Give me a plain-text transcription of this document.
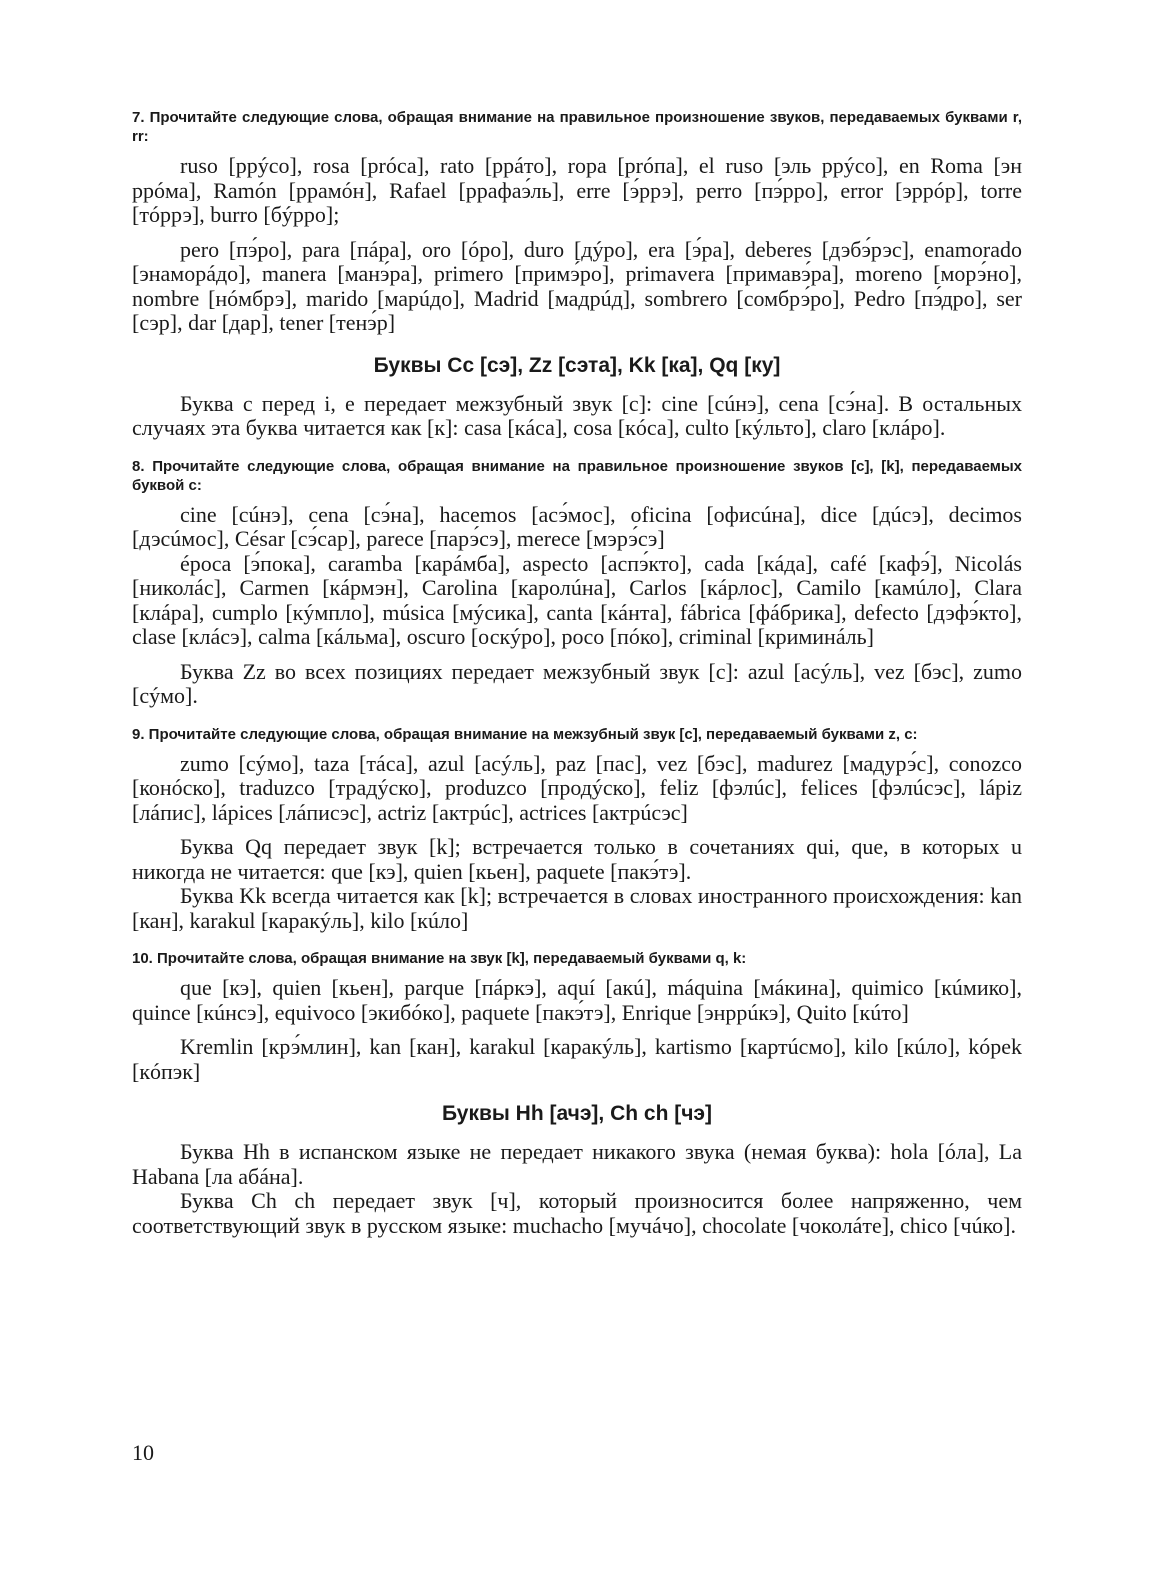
7. Прочитайте следующие слова, обращая внимание на правильное произношение звуков, передаваемых буквами r, rr:

ruso [ррýсо], rosa [рróса], rato [ррáто], ropa [рróпа], el ruso [эль ррýсо], en Roma [эн ррóма], Ramón [ррамóн], Rafael [ррафаэ́ль], erre [э́ррэ], perro [пэ́рро], error [эррóр], torre [тóррэ], burro [бýрро];

pero [пэ́ро], para [пáра], oro [óро], duro [дýро], era [э́ра], deberes [дэбэ́рэс], enamorado [энаморáдо], manera [манэ́ра], primero [примэ́ро], primavera [примавэ́ра], moreno [морэ́но], nombre [нóмбрэ], marido [марúдо], Madrid [мадрúд], sombrero [сомбрэ́ро], Pedro [пэ́дро], ser [сэр], dar [дар], tener [тенэ́р]

Буквы Cc [сэ], Zz [сэта], Kk [ка], Qq [ку]

Буква c перед i, e передает межзубный звук [с]: cine [сúнэ], cena [сэ́на]. В остальных случаях эта буква читается как [к]: casa [кáса], cosa [кóса], culto [кýльто], claro [клáро].

8. Прочитайте следующие слова, обращая внимание на правильное произношение звуков [с], [k], передаваемых буквой c:

cine [сúнэ], cena [сэ́на], hacemos [асэ́мос], oficina [офисúна], dice [дúсэ], decimos [дэсúмос], César [сэ́сар], parece [парэ́сэ], merece [мэрэ́сэ]

época [э́пока], caramba [карáмба], aspecto [аспэ́кто], cada [кáда], café [кафэ́], Nicolás [николáс], Carmen [кáрмэн], Carolina [каролúна], Carlos [кáрлос], Camilo [камúло], Clara [клáра], cumplo [кýмпло], música [мýсика], canta [кáнта], fábrica [фáбрика], defecto [дэфэ́кто], clase [клáсэ], calma [кáльма], oscuro [оскýро], poco [пóко], criminal [криминáль]

Буква Zz во всех позициях передает межзубный звук [с]: azul [асýль], vez [бэс], zumo [сýмо].

9. Прочитайте следующие слова, обращая внимание на межзубный звук [с], передаваемый буквами z, c:

zumo [сýмо], taza [тáса], azul [асýль], paz [пас], vez [бэс], madurez [мадурэ́с], conozco [конóско], traduzco [традýско], produzco [продýско], feliz [фэлúс], felices [фэлúсэс], lápiz [лáпис], lápices [лáписэс], actriz [актрúс], actrices [актрúсэс]

Буква Qq передает звук [k]; встречается только в сочетаниях qui, que, в которых u никогда не читается: que [кэ], quien [кьен], paquete [пакэ́тэ].

Буква Kk всегда читается как [k]; встречается в словах иностранного происхождения: kan [кан], karakul [каракýль], kilo [кúло]

10. Прочитайте слова, обращая внимание на звук [k], передаваемый буквами q, k:

que [кэ], quien [кьен], parque [пáркэ], aquí [акú], máquina [мáкина], quimico [кúмико], quince [кúнсэ], equivoco [экибóко], paquete [пакэ́тэ], Enrique [энррúкэ], Quito [кúто]

Kremlin [крэ́млин], kan [кан], karakul [каракýль], kartismo [картúсмо], kilo [кúло], kópek [кóпэк]

Буквы Hh [ачэ], Ch ch [чэ]

Буква Hh в испанском языке не передает никакого звука (немая буква): hola [óла], La Habana [ла абáна].

Буква Ch ch передает звук [ч], который произносится более напряженно, чем соответствующий звук в русском языке: muchacho [мучáчо], chocolate [чоколáте], chico [чúко].

10
